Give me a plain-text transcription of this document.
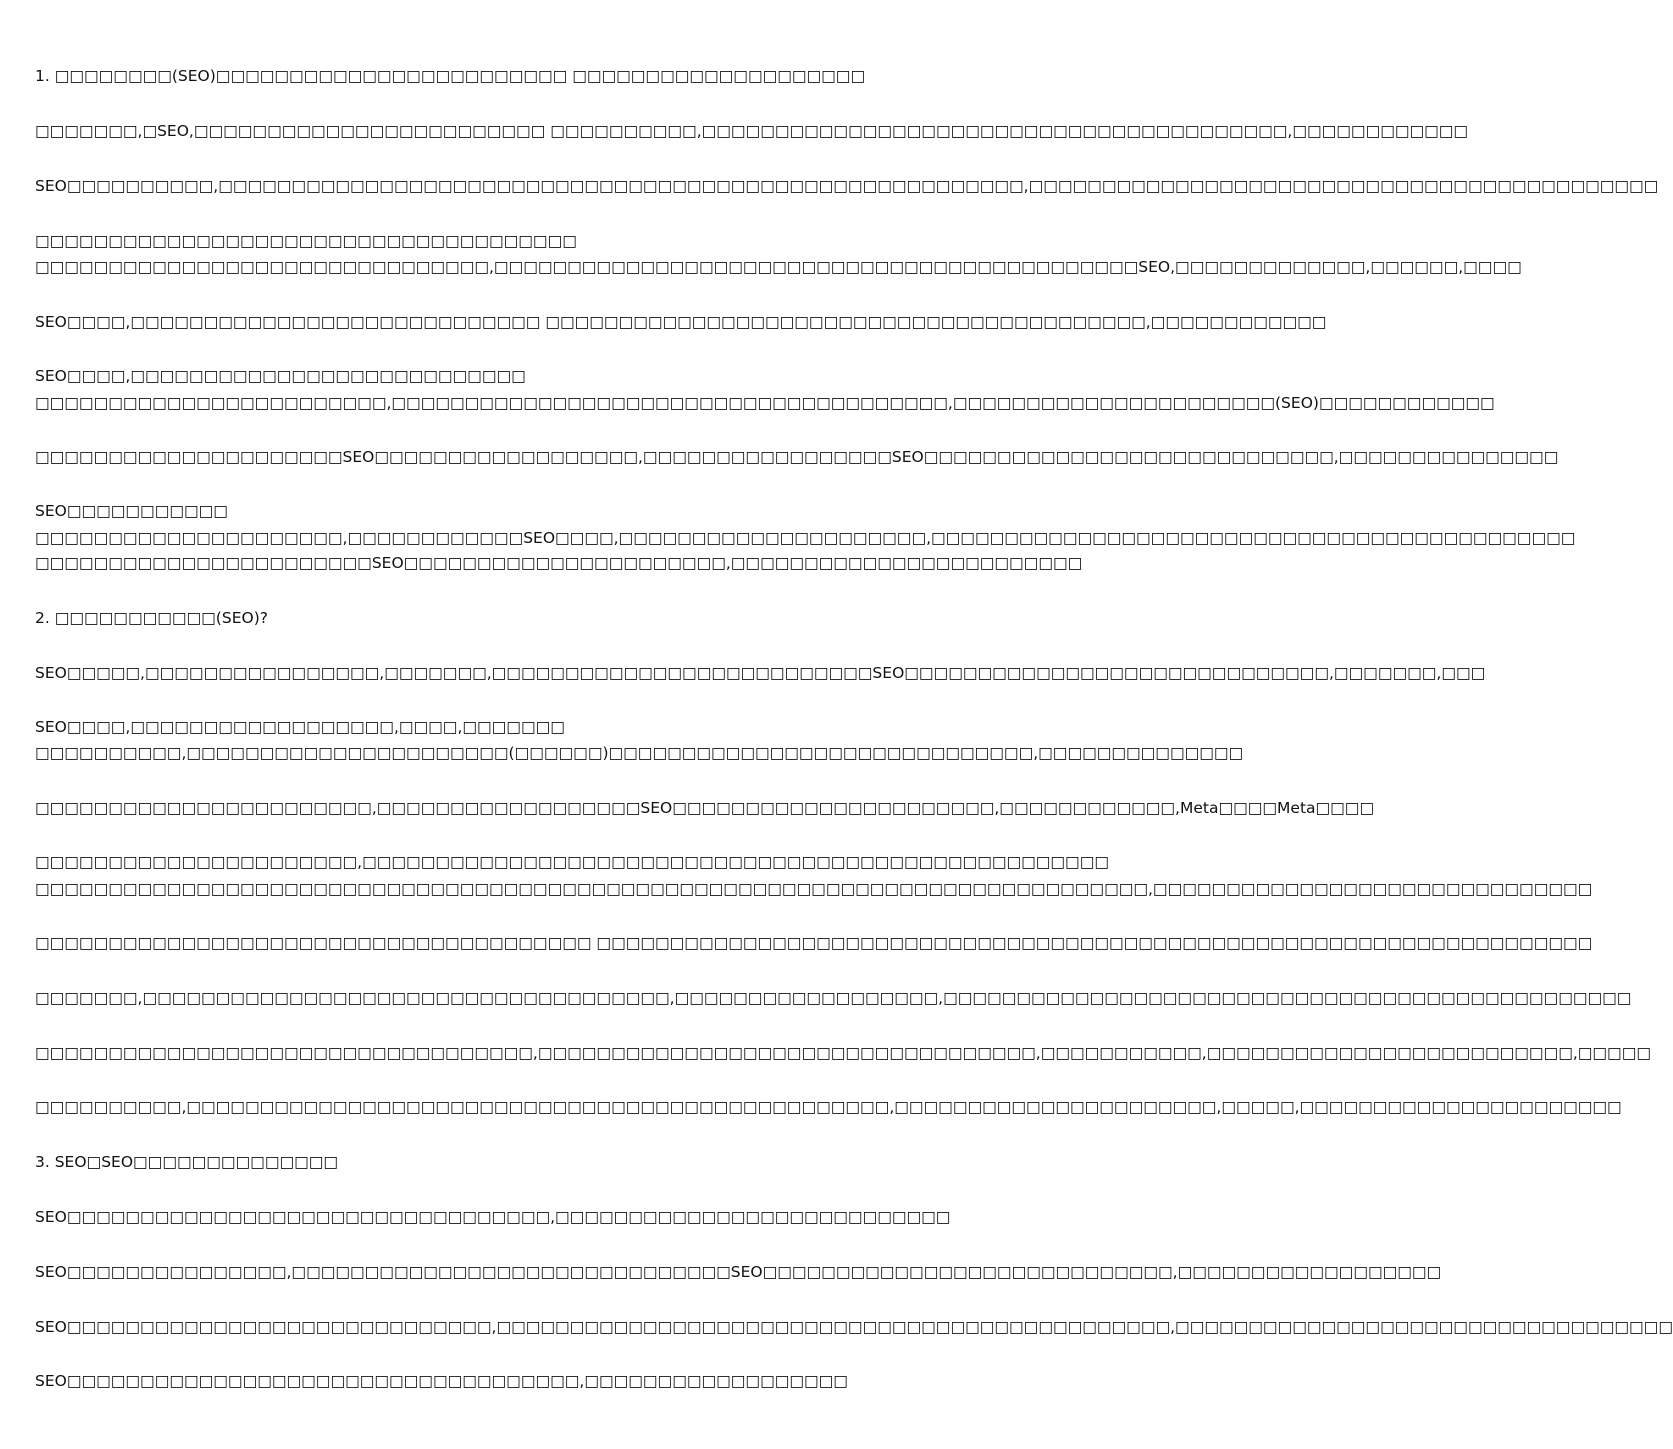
1. □□□□□□□□(SEO)□□□□□□□□□□□□□□□□□□□□□□□□ □□□□□□□□□□□□□□□□□□□□
□□□□□□□,□SEO,□□□□□□□□□□□□□□□□□□□□□□□□ □□□□□□□□□□,□□□□□□□□□□□□□□□□□□□□□□□□□□□□□□□□□□□□□□□□,□□□□□□□□□□□□
SEO□□□□□□□□□□,□□□□□□□□□□□□□□□□□□□□□□□□□□□□□□□□□□□□□□□□□□□□□□□□□□□□□□□,□□□□□□□□□□□□□□□□□□□□□□□□□□□□□□□□□□□□□□□□□□□
□□□□□□□□□□□□□□□□□□□□□□□□□□□□□□□□□□□□□
□□□□□□□□□□□□□□□□□□□□□□□□□□□□□□□,□□□□□□□□□□□□□□□□□□□□□□□□□□□□□□□□□□□□□□□□□□□□SEO,□□□□□□□□□□□□□,□□□□□□,□□□□
SEO□□□□,□□□□□□□□□□□□□□□□□□□□□□□□□□□□ □□□□□□□□□□□□□□□□□□□□□□□□□□□□□□□□□□□□□□□□□,□□□□□□□□□□□□
SEO□□□□,□□□□□□□□□□□□□□□□□□□□□□□□□□□
□□□□□□□□□□□□□□□□□□□□□□□□,□□□□□□□□□□□□□□□□□□□□□□□□□□□□□□□□□□□□□□,□□□□□□□□□□□□□□□□□□□□□□(SEO)□□□□□□□□□□□□
□□□□□□□□□□□□□□□□□□□□□SEO□□□□□□□□□□□□□□□□□□,□□□□□□□□□□□□□□□□□SEO□□□□□□□□□□□□□□□□□□□□□□□□□□□□,□□□□□□□□□□□□□□□
SEO□□□□□□□□□□□
□□□□□□□□□□□□□□□□□□□□□,□□□□□□□□□□□□SEO□□□□,□□□□□□□□□□□□□□□□□□□□□,□□□□□□□□□□□□□□□□□□□□□□□□□□□□□□□□□□□□□□□□□□□□
□□□□□□□□□□□□□□□□□□□□□□□SEO□□□□□□□□□□□□□□□□□□□□□□,□□□□□□□□□□□□□□□□□□□□□□□□
2. □□□□□□□□□□□(SEO)?
SEO□□□□□,□□□□□□□□□□□□□□□□,□□□□□□□,□□□□□□□□□□□□□□□□□□□□□□□□□□SEO□□□□□□□□□□□□□□□□□□□□□□□□□□□□□,□□□□□□□,□□□
SEO□□□□,□□□□□□□□□□□□□□□□□□,□□□□,□□□□□□□
□□□□□□□□□□,□□□□□□□□□□□□□□□□□□□□□□(□□□□□□)□□□□□□□□□□□□□□□□□□□□□□□□□□□□□,□□□□□□□□□□□□□□
□□□□□□□□□□□□□□□□□□□□□□□,□□□□□□□□□□□□□□□□□□SEO□□□□□□□□□□□□□□□□□□□□□□,□□□□□□□□□□□□,Meta□□□□Meta□□□□
□□□□□□□□□□□□□□□□□□□□□□,□□□□□□□□□□□□□□□□□□□□□□□□□□□□□□□□□□□□□□□□□□□□□□□□□□□
□□□□□□□□□□□□□□□□□□□□□□□□□□□□□□□□□□□□□□□□□□□□□□□□□□□□□□□□□□□□□□□□□□□□□□□□□□□□,□□□□□□□□□□□□□□□□□□□□□□□□□□□□□□
□□□□□□□□□□□□□□□□□□□□□□□□□□□□□□□□□□□□□□ □□□□□□□□□□□□□□□□□□□□□□□□□□□□□□□□□□□□□□□□□□□□□□□□□□□□□□□□□□□□□□□□□□□□
□□□□□□□,□□□□□□□□□□□□□□□□□□□□□□□□□□□□□□□□□□□□,□□□□□□□□□□□□□□□□□□,□□□□□□□□□□□□□□□□□□□□□□□□□□□□□□□□□□□□□□□□□□□□□□□
□□□□□□□□□□□□□□□□□□□□□□□□□□□□□□□□□□,□□□□□□□□□□□□□□□□□□□□□□□□□□□□□□□□□□,□□□□□□□□□□□,□□□□□□□□□□□□□□□□□□□□□□□□□,□□□□□
□□□□□□□□□□,□□□□□□□□□□□□□□□□□□□□□□□□□□□□□□□□□□□□□□□□□□□□□□□□,□□□□□□□□□□□□□□□□□□□□□□,□□□□□,□□□□□□□□□□□□□□□□□□□□□□
3. SEO□SEO□□□□□□□□□□□□□□
SEO□□□□□□□□□□□□□□□□□□□□□□□□□□□□□□□□□,□□□□□□□□□□□□□□□□□□□□□□□□□□□
SEO□□□□□□□□□□□□□□□,□□□□□□□□□□□□□□□□□□□□□□□□□□□□□□SEO□□□□□□□□□□□□□□□□□□□□□□□□□□□□,□□□□□□□□□□□□□□□□□□
SEO□□□□□□□□□□□□□□□□□□□□□□□□□□□□□,□□□□□□□□□□□□□□□□□□□□□□□□□□□□□□□□□□□□□□□□□□□□□□,□□□□□□□□□□□□□□□□□□□□□□□□□□□□□□□□□□
SEO□□□□□□□□□□□□□□□□□□□□□□□□□□□□□□□□□□□,□□□□□□□□□□□□□□□□□□
